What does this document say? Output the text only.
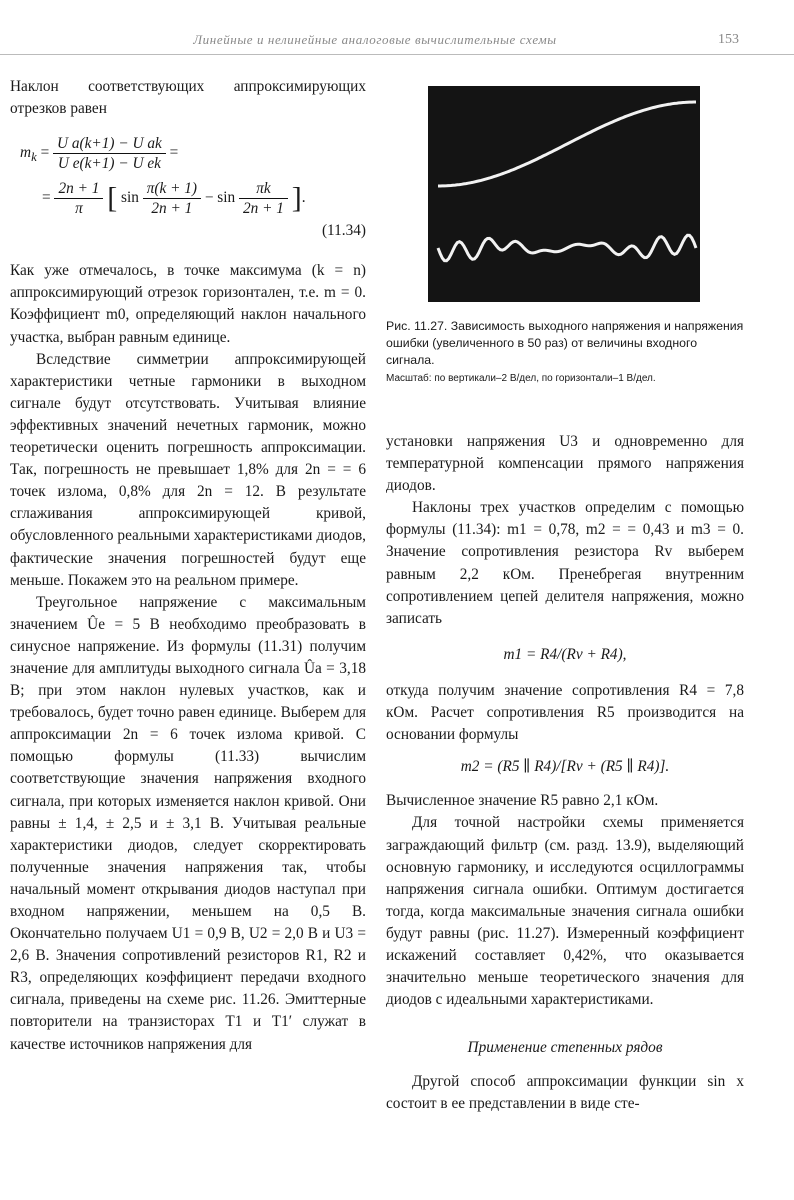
Линейные и нелинейные аналоговые вычислительные схемы	153

Наклон соответствующих аппроксимирующих отрезков равен

$m_k = \frac{\text{U a(k+1) − U ak}}{\text{U e(k+1) − U ek}}$ =
= $\frac{2n + 1}{\pi}$ [ $\sin \frac{\pi(k + 1)}{2n + 1} - \sin \frac{\pi k}{2n + 1}$ ].
(11.34)

Как уже отмечалось, в точке максимума (k = n) аппроксимирующий отрезок горизонтален, т.е. m = 0. Коэффициент m0, определяющий наклон начального участка, выбран равным единице.

Вследствие симметрии аппроксимирующей характеристики четные гармоники в выходном сигнале будут отсутствовать. Учитывая влияние эффективных значений нечетных гармоник, можно теоретически оценить погрешность аппроксимации. Так, погрешность не превышает 1,8% для 2n = = 6 точек излома, 0,8% для 2n = 12. В результате сглаживания аппроксимирующей кривой, обусловленного реальными характеристиками диодов, фактические значения погрешностей будут еще меньше. Покажем это на реальном примере.

Треугольное напряжение с максимальным значением Ûe = 5 В необходимо преобразовать в синусное напряжение. Из формулы (11.31) получим значение для амплитуды выходного сигнала Ûa = 3,18 В; при этом наклон нулевых участков, как и требовалось, будет точно равен единице. Выберем для аппроксимации 2n = 6 точек излома кривой. С помощью формулы (11.33) вычислим соответствующие значения напряжения входного сигнала, при которых изменяется наклон кривой. Они равны ± 1,4, ± 2,5 и ± 3,1 В. Учитывая реальные характеристики диодов, следует скорректировать полученные значения напряжения так, чтобы начальный момент открывания диодов наступал при входном напряжении, меньшем на 0,5 В. Окончательно получаем U1 = 0,9 В, U2 = 2,0 В и U3 = 2,6 В. Значения сопротивлений резисторов R1, R2 и R3, определяющих коэффициент передачи входного сигнала, приведены на схеме рис. 11.26. Эмиттерные повторители на транзисторах T1 и T1′ служат в качестве источников напряжения для

Рис. 11.27. Зависимость выходного напряжения и напряжения ошибки (увеличенного в 50 раз) от величины входного сигнала.
Масштаб: по вертикали–2 В/дел, по горизонтали–1 В/дел.

установки напряжения U3 и одновременно для температурной компенсации прямого напряжения диодов.

Наклоны трех участков определим с помощью формулы (11.34): m1 = 0,78, m2 = = 0,43 и m3 = 0. Значение сопротивления резистора Rv выберем равным 2,2 кОм. Пренебрегая внутренним сопротивлением цепей делителя напряжения, можно записать

m1 = R4/(Rv + R4),

откуда получим значение сопротивления R4 = 7,8 кОм. Расчет сопротивления R5 производится на основании формулы

m2 = (R5 ∥ R4)/[Rv + (R5 ∥ R4)].

Вычисленное значение R5 равно 2,1 кОм.

Для точной настройки схемы применяется заграждающий фильтр (см. разд. 13.9), выделяющий основную гармонику, и исследуются осциллограммы напряжения сигнала ошибки. Оптимум достигается тогда, когда максимальные значения сигнала ошибки будут равны (рис. 11.27). Измеренный коэффициент искажений составляет 0,42%, что оказывается значительно меньше теоретического значения для диодов с идеальными характеристиками.

Применение степенных рядов

Другой способ аппроксимации функции sin x состоит в ее представлении в виде сте-
